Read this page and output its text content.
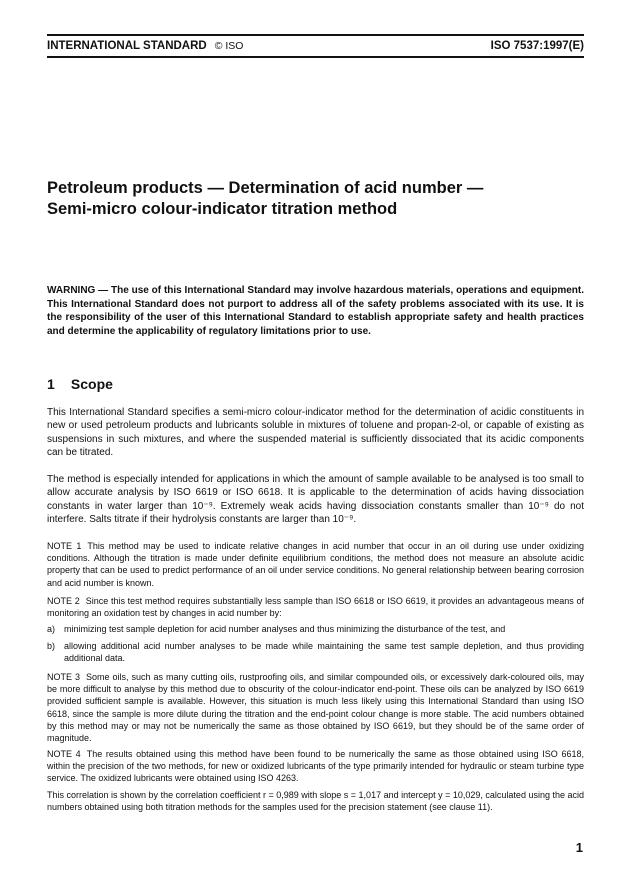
INTERNATIONAL STANDARD © ISO	ISO 7537:1997(E)
Petroleum products — Determination of acid number —
Semi-micro colour-indicator titration method
WARNING — The use of this International Standard may involve hazardous materials, operations and equipment. This International Standard does not purport to address all of the safety problems associated with its use. It is the responsibility of the user of this International Standard to establish appropriate safety and health practices and determine the applicability of regulatory limitations prior to use.
1 Scope
This International Standard specifies a semi-micro colour-indicator method for the determination of acidic constituents in new or used petroleum products and lubricants soluble in mixtures of toluene and propan-2-ol, or capable of existing as suspensions in such mixtures, and where the suspended material is sufficiently dissociated that its acidic components can be titrated.
The method is especially intended for applications in which the amount of sample available to be analysed is too small to allow accurate analysis by ISO 6619 or ISO 6618. It is applicable to the determination of acids having dissociation constants in water larger than 10⁻⁹. Extremely weak acids having dissociation constants smaller than 10⁻⁹ do not interfere. Salts titrate if their hydrolysis constants are larger than 10⁻⁹.
NOTE 1 This method may be used to indicate relative changes in acid number that occur in an oil during use under oxidizing conditions. Although the titration is made under definite equilibrium conditions, the method does not measure an absolute acidic property that can be used to predict performance of an oil under service conditions. No general relationship between bearing corrosion and acid number is known.
NOTE 2 Since this test method requires substantially less sample than ISO 6618 or ISO 6619, it provides an advantageous means of monitoring an oxidation test by changes in acid number by:
a) minimizing test sample depletion for acid number analyses and thus minimizing the disturbance of the test, and
b) allowing additional acid number analyses to be made while maintaining the same test sample depletion, and thus providing additional data.
NOTE 3 Some oils, such as many cutting oils, rustproofing oils, and similar compounded oils, or excessively dark-coloured oils, may be more difficult to analyse by this method due to obscurity of the colour-indicator end-point. These oils can be analyzed by ISO 6619 provided sufficient sample is available. However, this situation is much less likely using this International Standard than using ISO 6618, since the sample is more dilute during the titration and the end-point colour change is more stable. The acid numbers obtained by this method may or may not be numerically the same as those obtained by ISO 6619, but they should be of the same order of magnitude.
NOTE 4 The results obtained using this method have been found to be numerically the same as those obtained using ISO 6618, within the precision of the two methods, for new or oxidized lubricants of the type primarily intended for hydraulic or steam turbine type service. The oxidized lubricants were obtained using ISO 4263.
This correlation is shown by the correlation coefficient r = 0,989 with slope s = 1,017 and intercept y = 10,029, calculated using the acid numbers obtained using both titration methods for the samples used for the precision statement (see clause 11).
1
